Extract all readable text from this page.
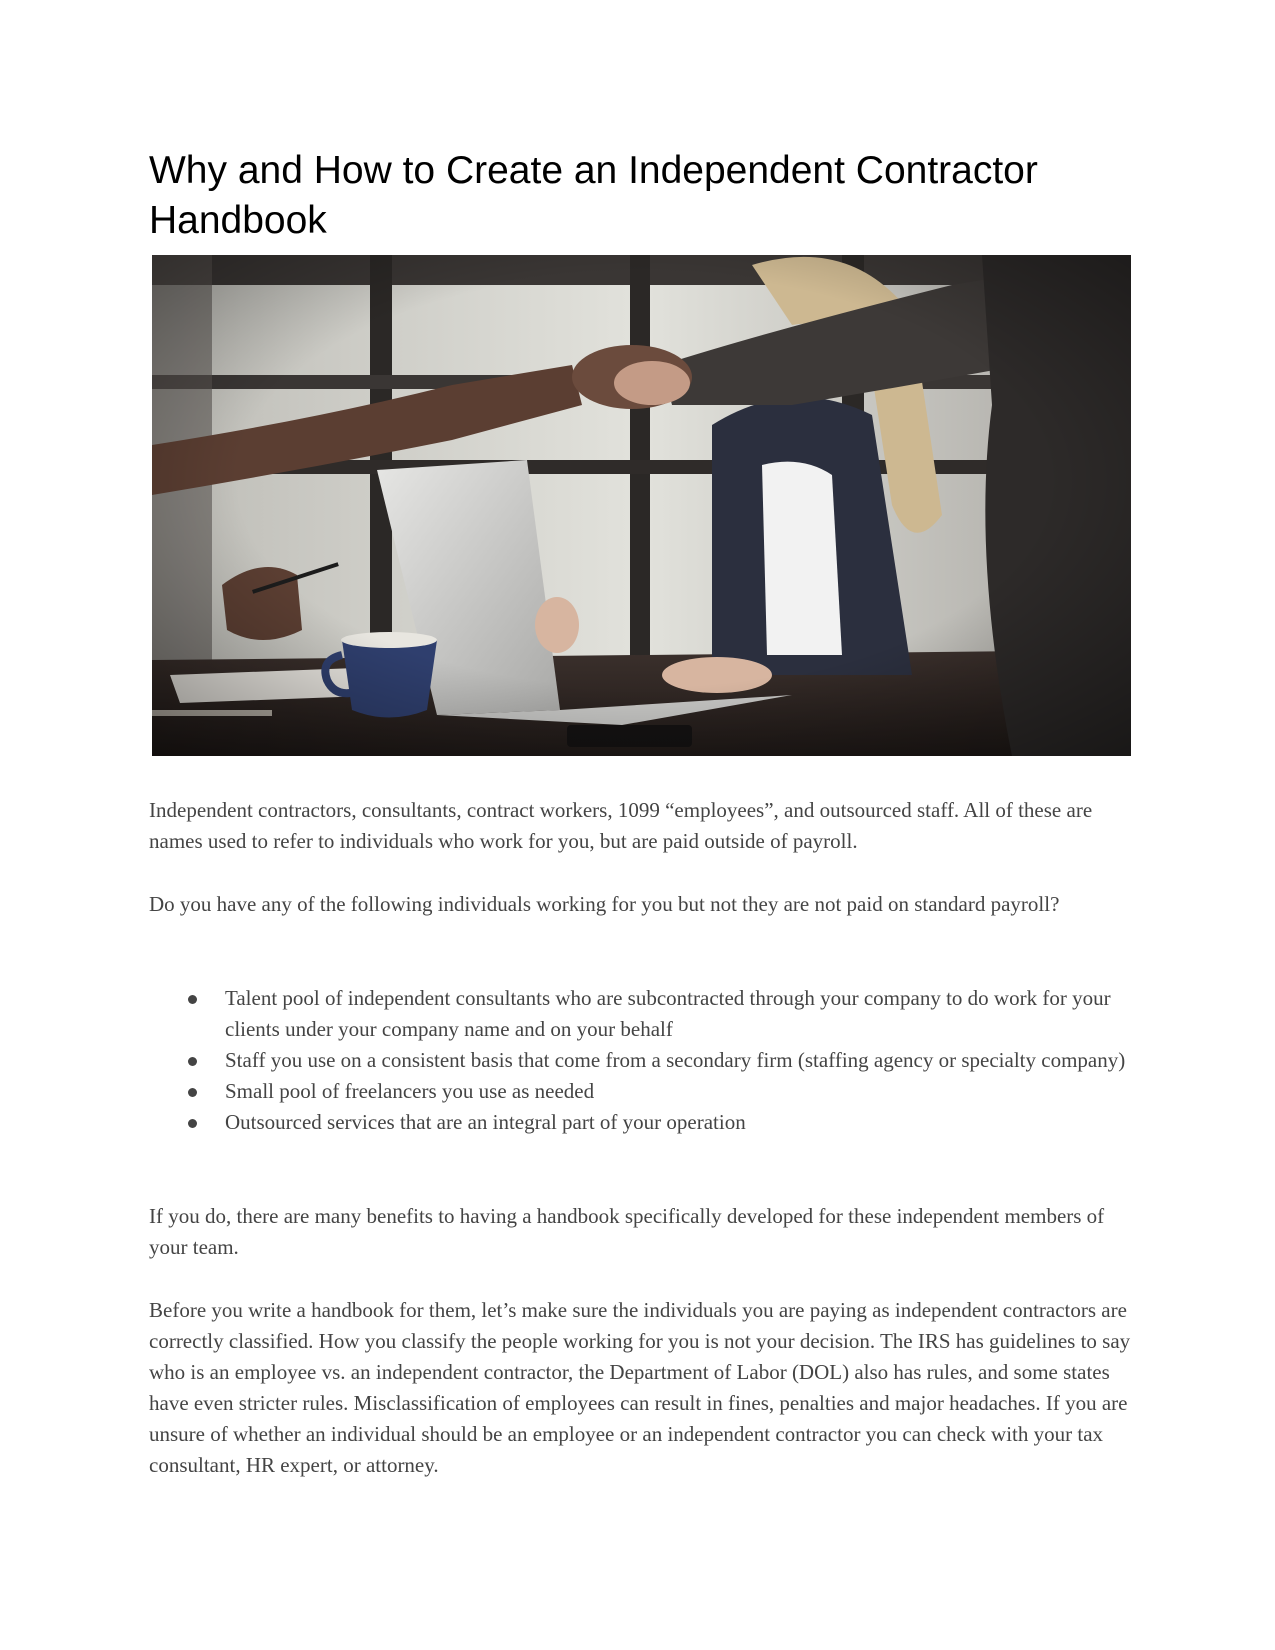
Why and How to Create an Independent Contractor Handbook

Independent contractors, consultants, contract workers, 1099 “employees”, and outsourced staff. All of these are names used to refer to individuals who work for you, but are paid outside of payroll.

Do you have any of the following individuals working for you but not they are not paid on standard payroll?

Talent pool of independent consultants who are subcontracted through your company to do work for your clients under your company name and on your behalf
Staff you use on a consistent basis that come from a secondary firm (staffing agency or specialty company)
Small pool of freelancers you use as needed
Outsourced services that are an integral part of your operation

If you do, there are many benefits to having a handbook specifically developed for these independent members of your team.

Before you write a handbook for them, let’s make sure the individuals you are paying as independent contractors are correctly classified. How you classify the people working for you is not your decision. The IRS has guidelines to say who is an employee vs. an independent contractor, the Department of Labor (DOL) also has rules, and some states have even stricter rules. Misclassification of employees can result in fines, penalties and major headaches. If you are unsure of whether an individual should be an employee or an independent contractor you can check with your tax consultant, HR expert, or attorney.
